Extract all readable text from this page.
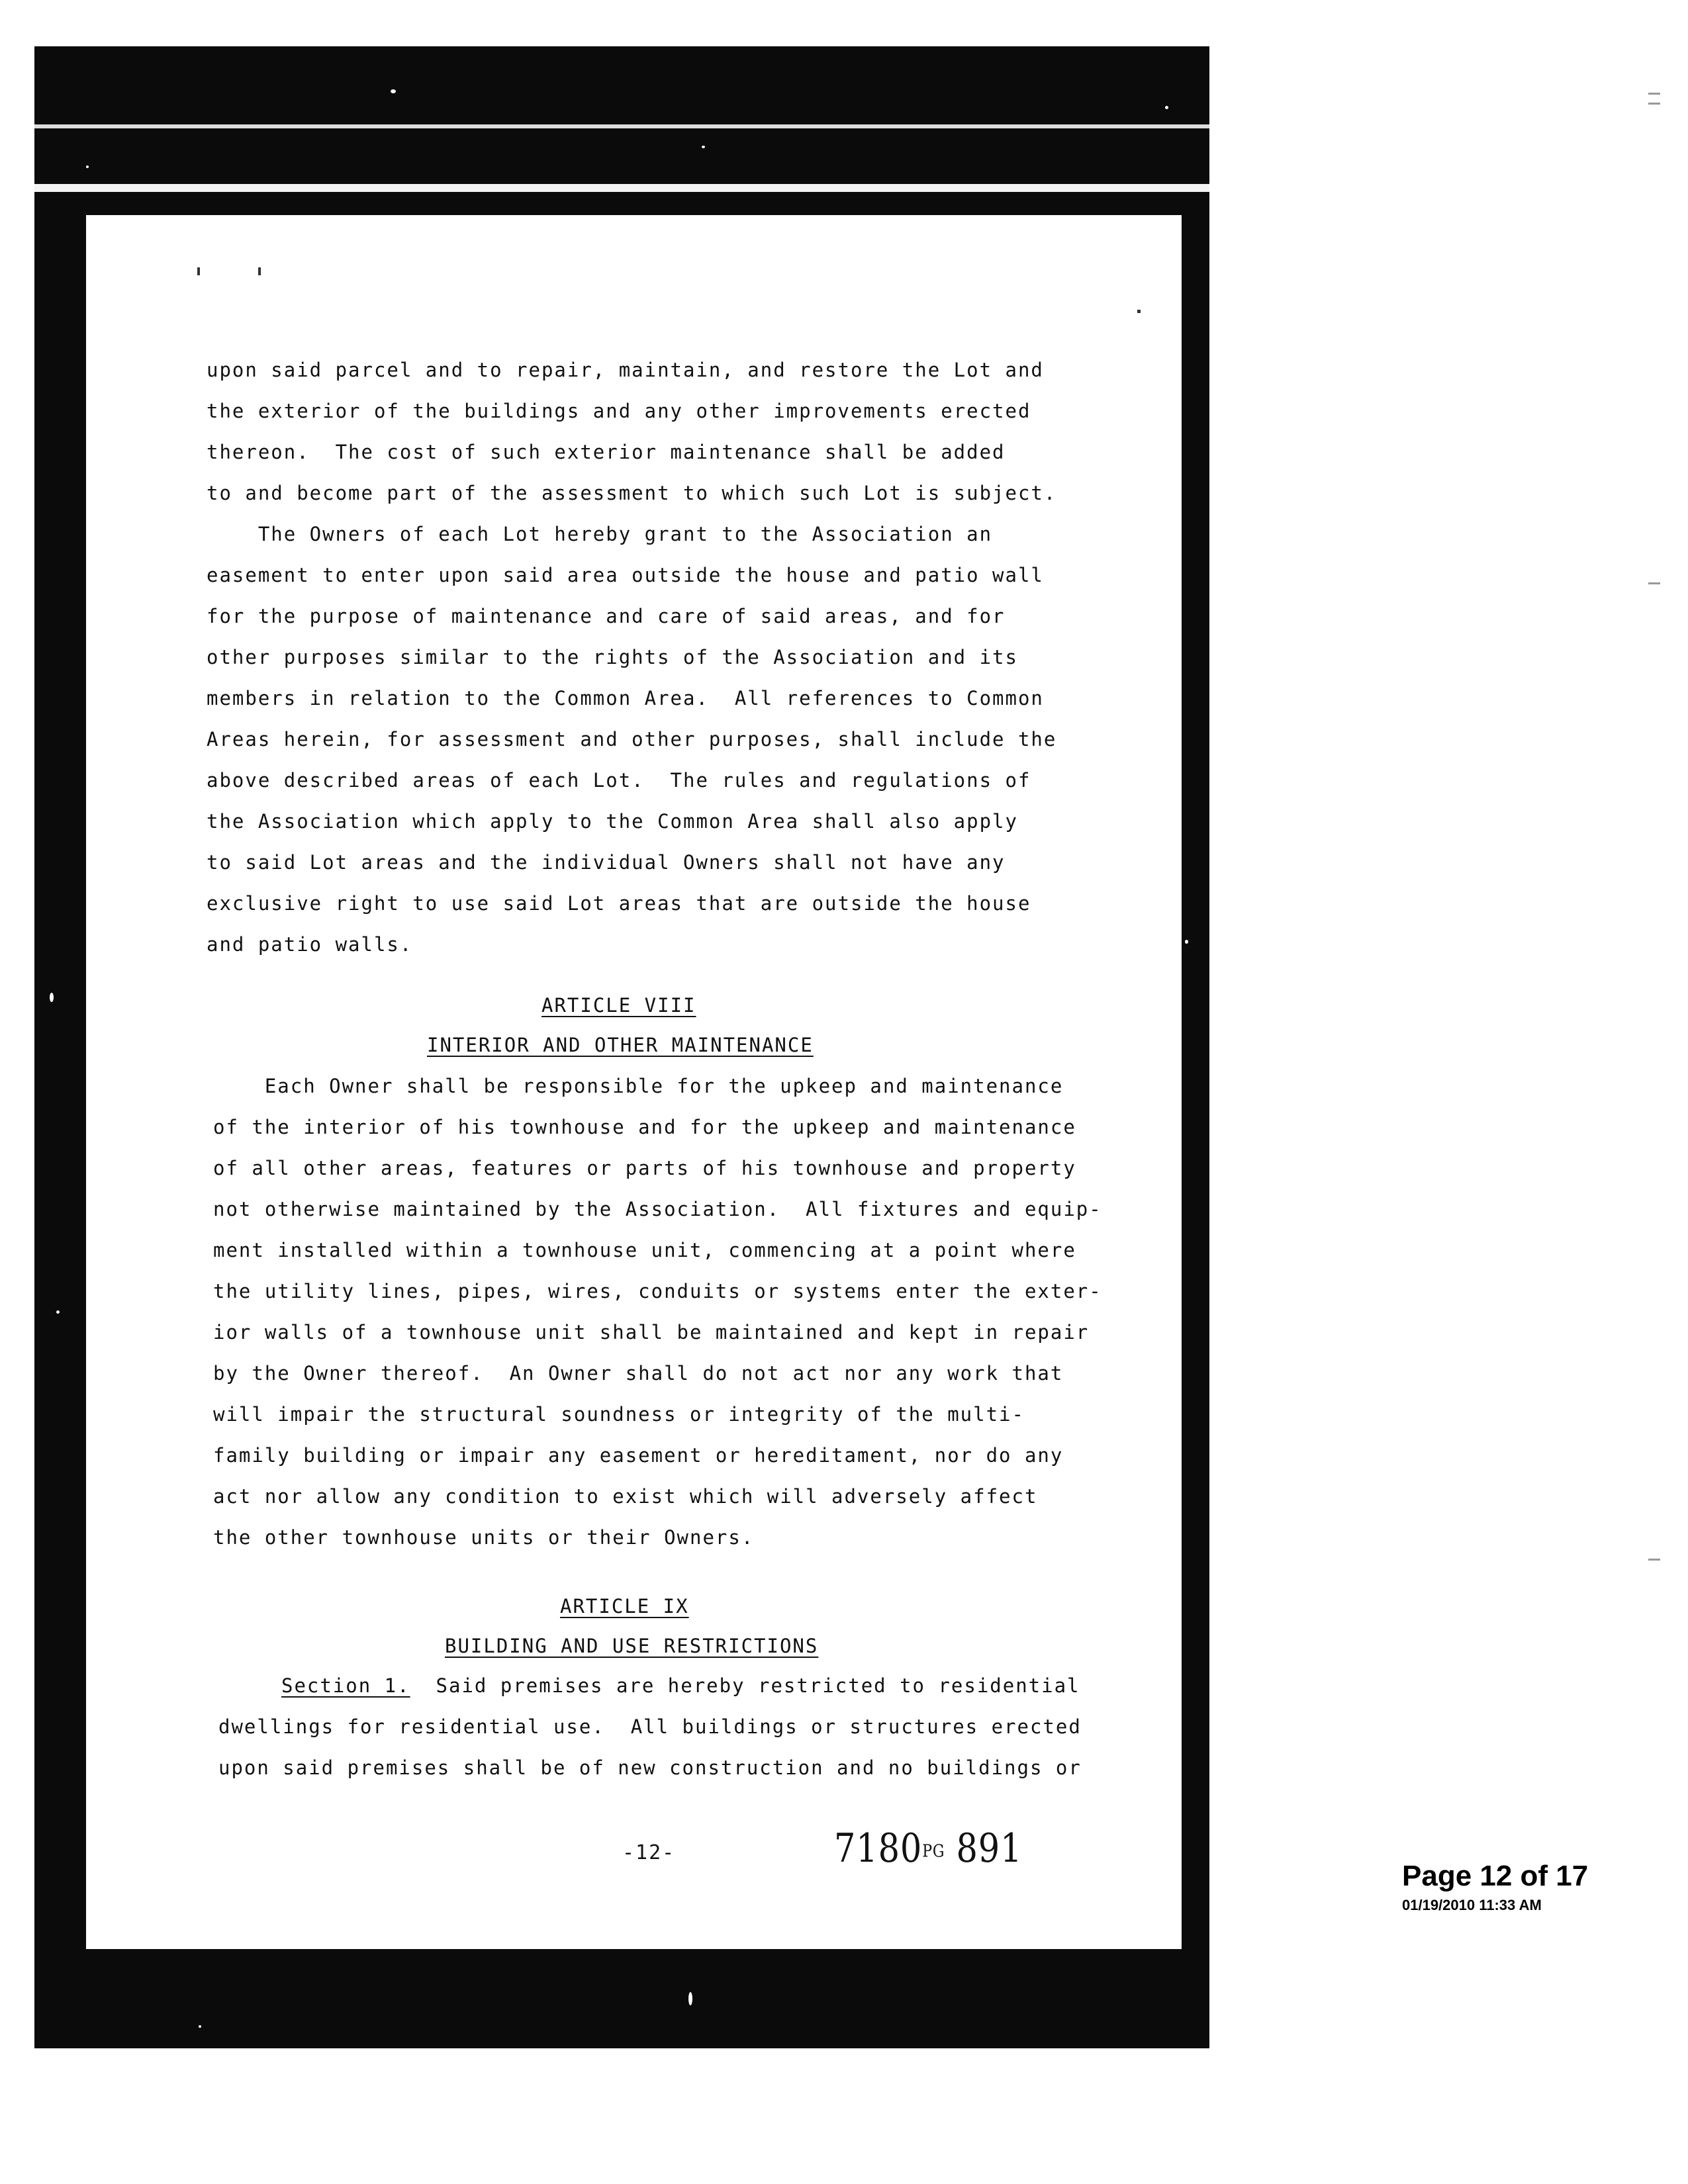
upon said parcel and to repair, maintain, and restore the Lot and
the exterior of the buildings and any other improvements erected
thereon.  The cost of such exterior maintenance shall be added
to and become part of the assessment to which such Lot is subject.
The Owners of each Lot hereby grant to the Association an
easement to enter upon said area outside the house and patio wall
for the purpose of maintenance and care of said areas, and for
other purposes similar to the rights of the Association and its
members in relation to the Common Area.  All references to Common
Areas herein, for assessment and other purposes, shall include the
above described areas of each Lot.  The rules and regulations of
the Association which apply to the Common Area shall also apply
to said Lot areas and the individual Owners shall not have any
exclusive right to use said Lot areas that are outside the house
and patio walls.
ARTICLE VIII
INTERIOR AND OTHER MAINTENANCE
Each Owner shall be responsible for the upkeep and maintenance
of the interior of his townhouse and for the upkeep and maintenance
of all other areas, features or parts of his townhouse and property
not otherwise maintained by the Association.  All fixtures and equip-
ment installed within a townhouse unit, commencing at a point where
the utility lines, pipes, wires, conduits or systems enter the exter-
ior walls of a townhouse unit shall be maintained and kept in repair
by the Owner thereof.  An Owner shall do not act nor any work that
will impair the structural soundness or integrity of the multi-
family building or impair any easement or hereditament, nor do any
act nor allow any condition to exist which will adversely affect
the other townhouse units or their Owners.
ARTICLE IX
BUILDING AND USE RESTRICTIONS
Section 1.  Said premises are hereby restricted to residential
dwellings for residential use.  All buildings or structures erected
upon said premises shall be of new construction and no buildings or
-12-	7180PG 891
Page 12 of 17
01/19/2010 11:33 AM
